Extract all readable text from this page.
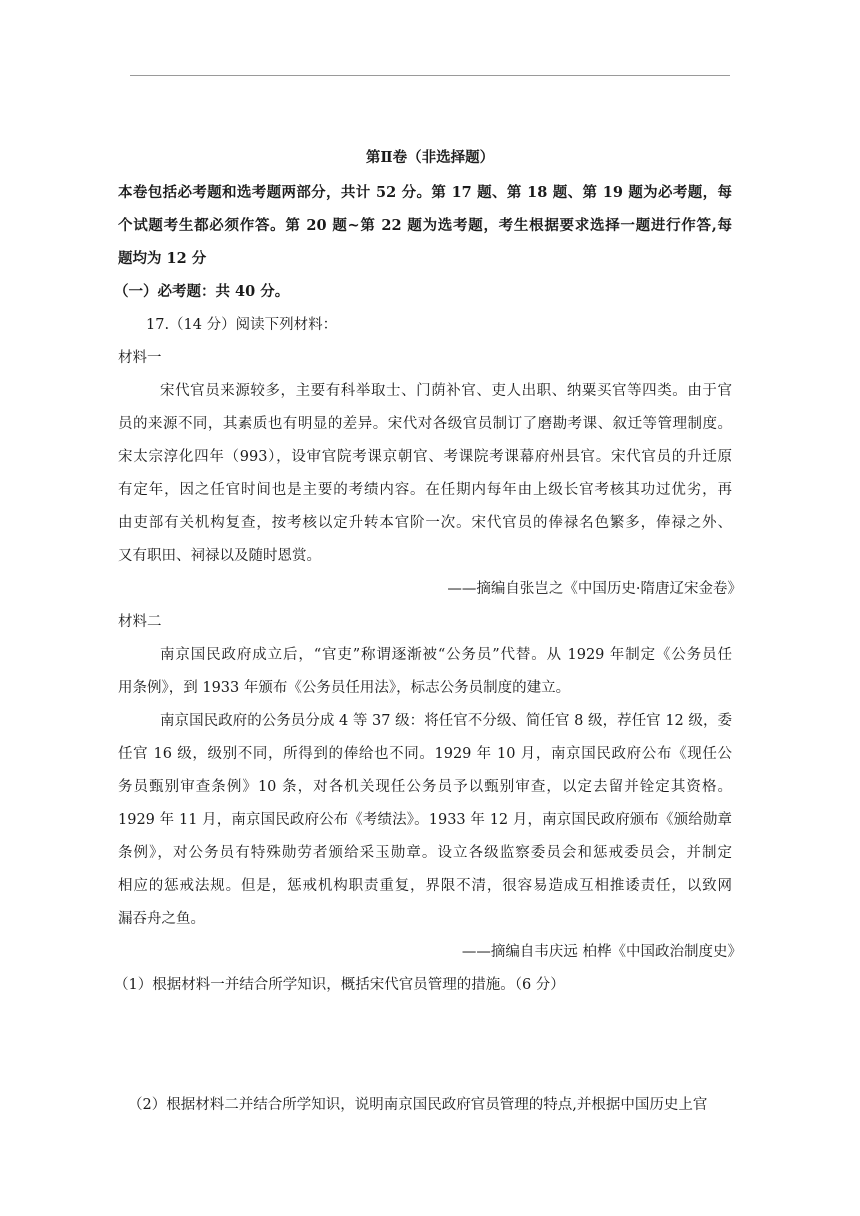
第Ⅱ卷（非选择题）

本卷包括必考题和选考题两部分，共计 52 分。第 17 题、第 18 题、第 19 题为必考题，每

个试题考生都必须作答。第 20 题~第 22 题为选考题，考生根据要求选择一题进行作答,每

题均为 12 分

（一）必考题：共 40 分。

17.（14 分）阅读下列材料：

材料一

宋代官员来源较多，主要有科举取士、门荫补官、吏人出职、纳粟买官等四类。由于官

员的来源不同，其素质也有明显的差异。宋代对各级官员制订了磨勘考课、叙迁等管理制度。

宋太宗淳化四年（993），设审官院考课京朝官、考课院考课幕府州县官。宋代官员的升迁原

有定年，因之任官时间也是主要的考绩内容。在任期内每年由上级长官考核其功过优劣，再

由吏部有关机构复查，按考核以定升转本官阶一次。宋代官员的俸禄名色繁多，俸禄之外、

又有职田、祠禄以及随时恩赏。

——摘编自张岂之《中国历史·隋唐辽宋金卷》

材料二

南京国民政府成立后，“官吏”称谓逐渐被“公务员”代替。从 1929 年制定《公务员任

用条例》，到 1933 年颁布《公务员任用法》，标志公务员制度的建立。

南京国民政府的公务员分成 4 等 37 级：将任官不分级、简任官 8 级，荐任官 12 级，委

任官 16 级，级别不同，所得到的俸给也不同。1929 年 10 月，南京国民政府公布《现任公

务员甄别审查条例》10 条，对各机关现任公务员予以甄别审查，以定去留并铨定其资格。

1929 年 11 月，南京国民政府公布《考绩法》。1933 年 12 月，南京国民政府颁布《颁给勋章

条例》，对公务员有特殊勋劳者颁给采玉勋章。设立各级监察委员会和惩戒委员会，并制定

相应的惩戒法规。但是，惩戒机构职责重复，界限不清，很容易造成互相推诿责任，以致网

漏吞舟之鱼。

——摘编自韦庆远 柏桦《中国政治制度史》

（1）根据材料一并结合所学知识，概括宋代官员管理的措施。（6 分）

（2）根据材料二并结合所学知识，说明南京国民政府官员管理的特点,并根据中国历史上官
